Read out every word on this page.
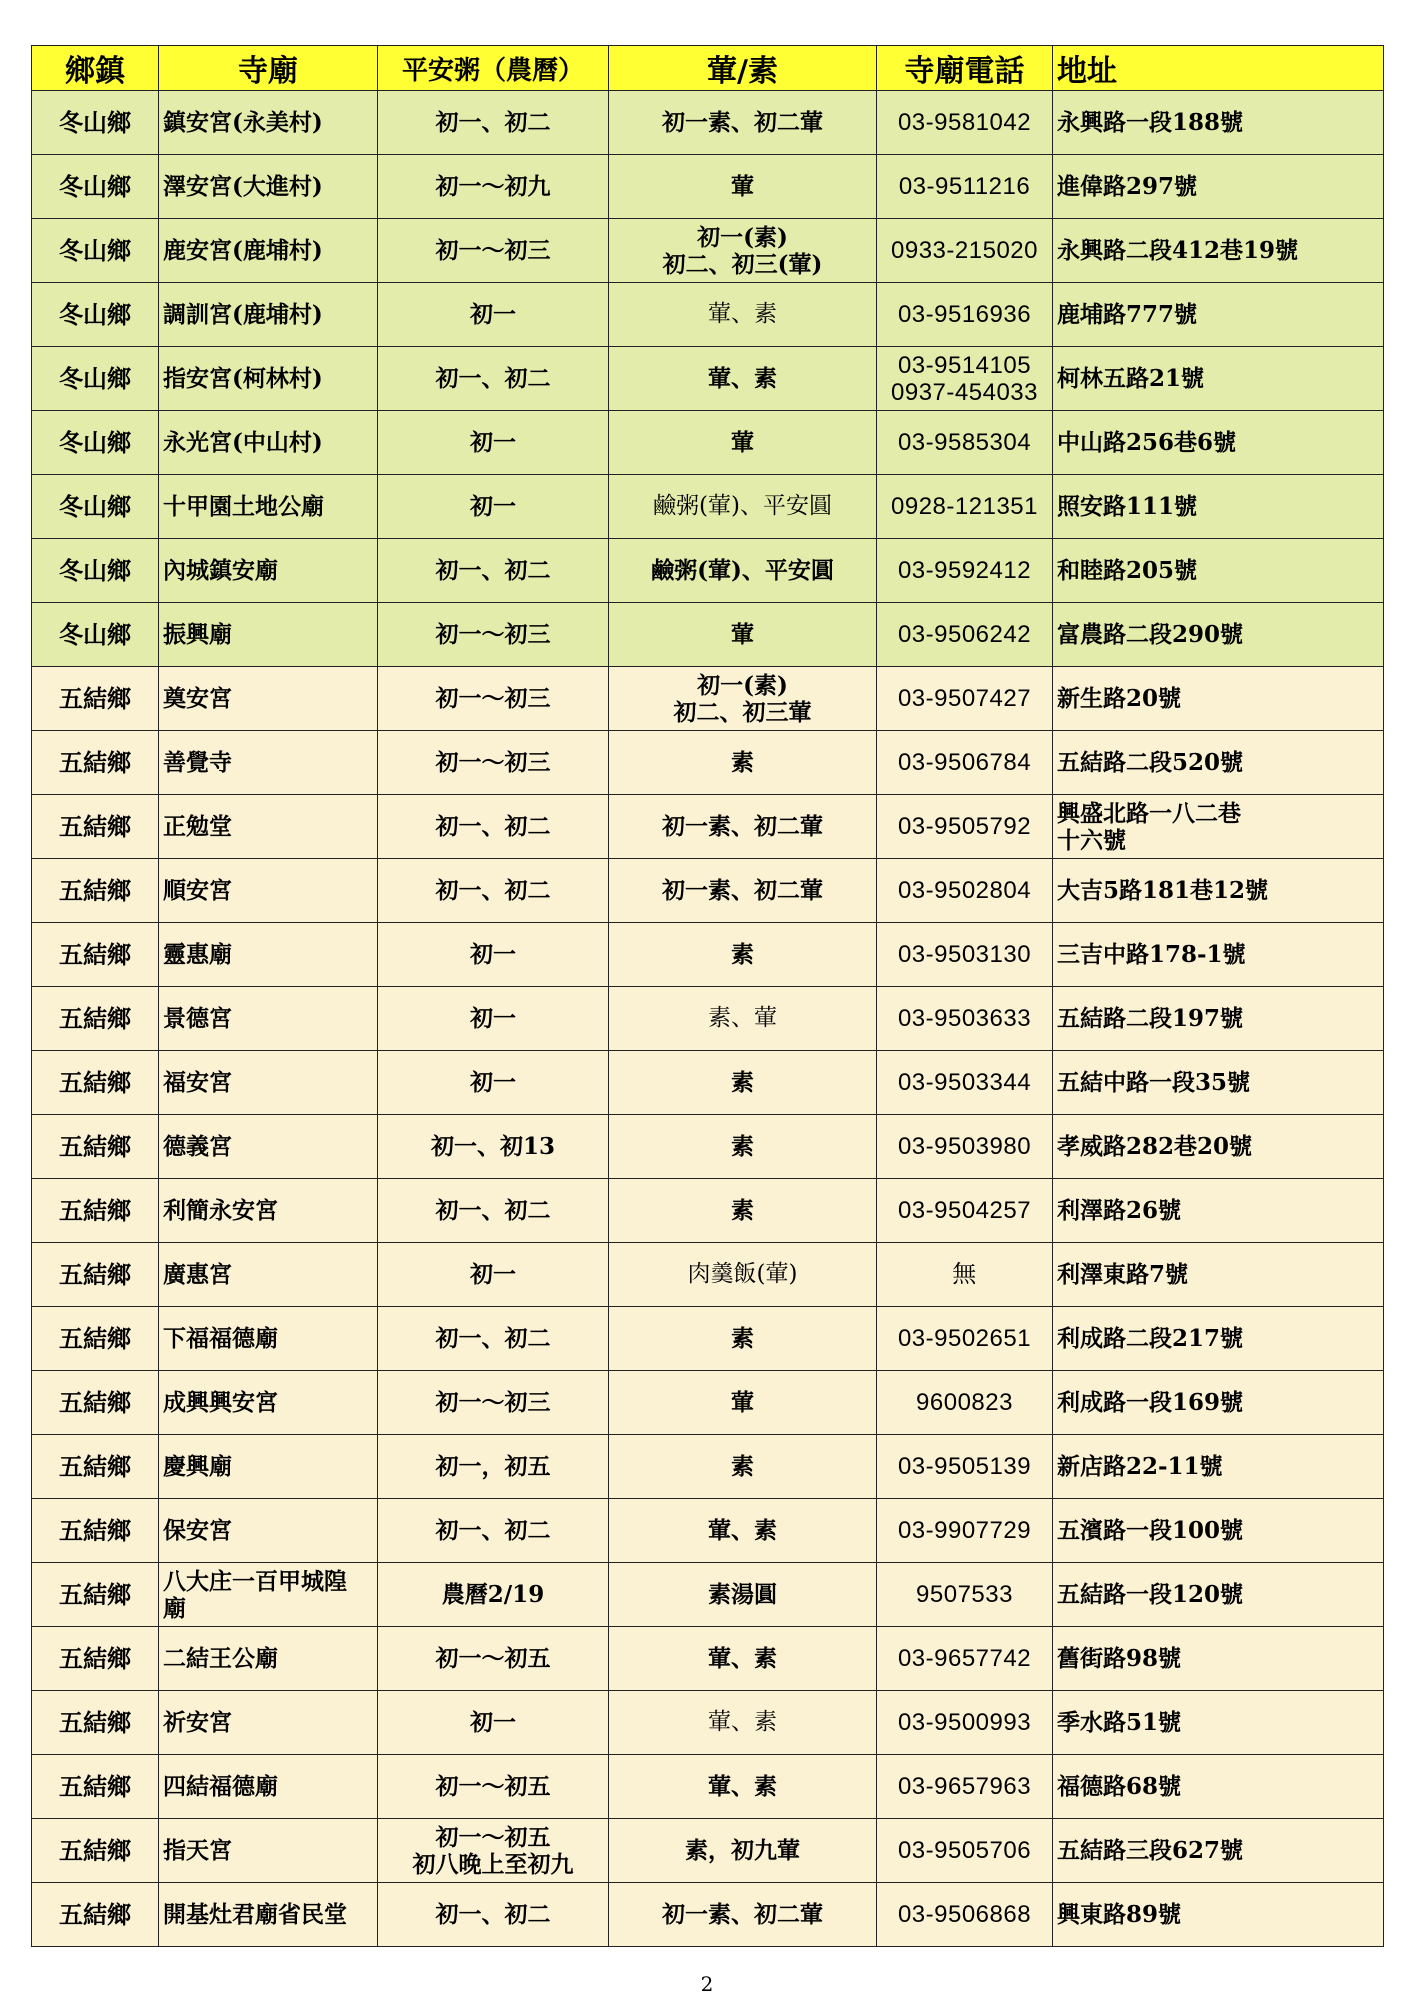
鄉鎮	寺廟	平安粥（農曆）	葷/素	寺廟電話	地址

冬山鄉	鎮安宮(永美村)	初一、初二	初一素、初二葷	03-9581042	永興路一段188號

冬山鄉	澤安宮(大進村)	初一～初九	葷	03-9511216	進偉路297號

冬山鄉	鹿安宮(鹿埔村)	初一～初三	初一(素)
初二、初三(葷)	0933-215020	永興路二段412巷19號

冬山鄉	調訓宮(鹿埔村)	初一	葷、素	03-9516936	鹿埔路777號

冬山鄉	指安宮(柯林村)	初一、初二	葷、素	03-9514105
0937-454033	柯林五路21號

冬山鄉	永光宮(中山村)	初一	葷	03-9585304	中山路256巷6號

冬山鄉	十甲園土地公廟	初一	鹼粥(葷)、平安圓	0928-121351	照安路111號

冬山鄉	內城鎮安廟	初一、初二	鹼粥(葷)、平安圓	03-9592412	和睦路205號

冬山鄉	振興廟	初一～初三	葷	03-9506242	富農路二段290號

五結鄉	奠安宮	初一～初三	初一(素)
初二、初三葷	03-9507427	新生路20號

五結鄉	善覺寺	初一～初三	素	03-9506784	五結路二段520號

五結鄉	正勉堂	初一、初二	初一素、初二葷	03-9505792	興盛北路一八二巷
十六號

五結鄉	順安宮	初一、初二	初一素、初二葷	03-9502804	大吉5路181巷12號

五結鄉	靈惠廟	初一	素	03-9503130	三吉中路178-1號

五結鄉	景德宮	初一	素、葷	03-9503633	五結路二段197號

五結鄉	福安宮	初一	素	03-9503344	五結中路一段35號

五結鄉	德義宮	初一、初13	素	03-9503980	孝威路282巷20號

五結鄉	利簡永安宮	初一、初二	素	03-9504257	利澤路26號

五結鄉	廣惠宮	初一	肉羹飯(葷)	無	利澤東路7號

五結鄉	下福福德廟	初一、初二	素	03-9502651	利成路二段217號

五結鄉	成興興安宮	初一～初三	葷	9600823	利成路一段169號

五結鄉	慶興廟	初一，初五	素	03-9505139	新店路22-11號

五結鄉	保安宮	初一、初二	葷、素	03-9907729	五濱路一段100號

五結鄉	八大庄一百甲城隍
廟	農曆2/19	素湯圓	9507533	五結路一段120號

五結鄉	二結王公廟	初一～初五	葷、素	03-9657742	舊街路98號

五結鄉	祈安宮	初一	葷、素	03-9500993	季水路51號

五結鄉	四結福德廟	初一～初五	葷、素	03-9657963	福德路68號

五結鄉	指天宮	初一～初五
初八晚上至初九	素，初九葷	03-9505706	五結路三段627號

五結鄉	開基灶君廟省民堂	初一、初二	初一素、初二葷	03-9506868	興東路89號
2
